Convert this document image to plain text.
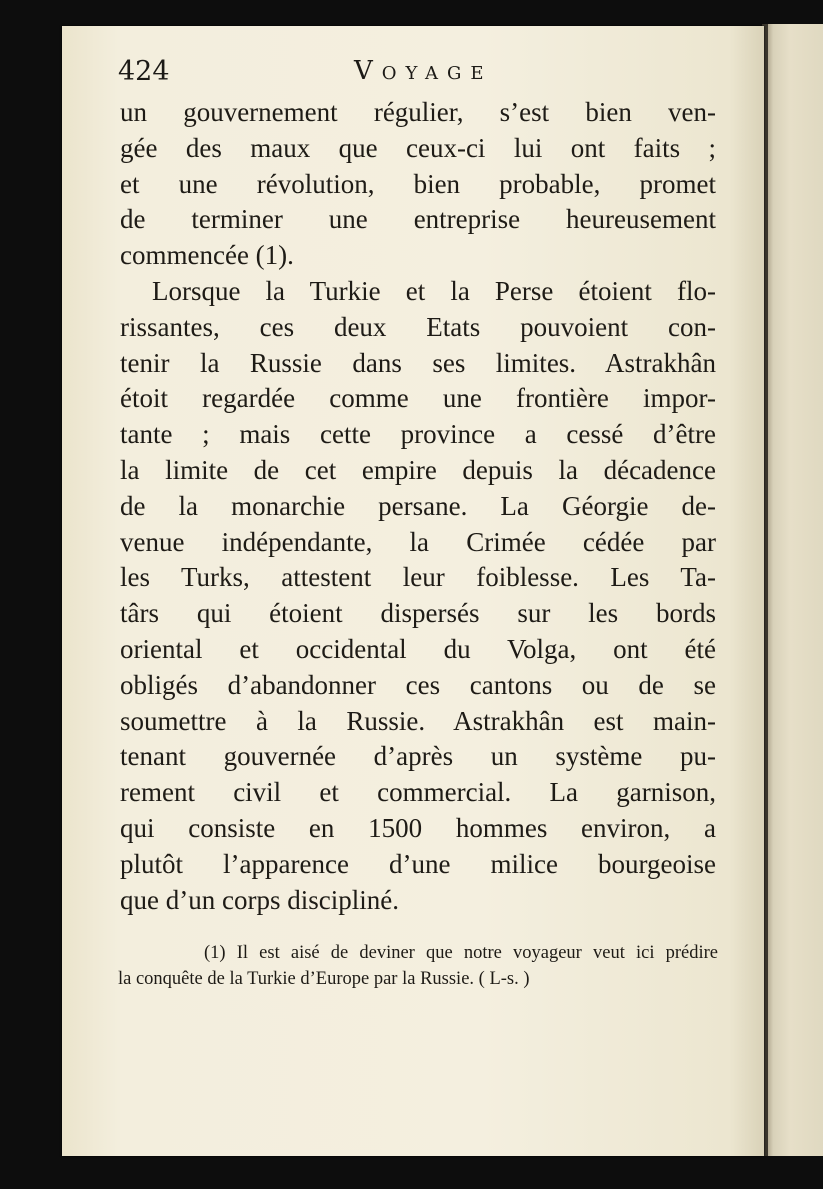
424	Voyage
un gouvernement régulier, s’est bien ven-
gée des maux que ceux-ci lui ont faits ;
et une révolution, bien probable, promet
de terminer une entreprise heureusement
commencée (1).
Lorsque la Turkie et la Perse étoient flo-
rissantes, ces deux Etats pouvoient con-
tenir la Russie dans ses limites. Astrakhân
étoit regardée comme une frontière impor-
tante ; mais cette province a cessé d’être
la limite de cet empire depuis la décadence
de la monarchie persane. La Géorgie de-
venue indépendante, la Crimée cédée par
les Turks, attestent leur foiblesse. Les Ta-
târs qui étoient dispersés sur les bords
oriental et occidental du Volga, ont été
obligés d’abandonner ces cantons ou de se
soumettre à la Russie. Astrakhân est main-
tenant gouvernée d’après un système pu-
rement civil et commercial. La garnison,
qui consiste en 1500 hommes environ, a
plutôt l’apparence d’une milice bourgeoise
que d’un corps discipliné.
(1) Il est aisé de deviner que notre voyageur veut ici prédire
la conquête de la Turkie d’Europe par la Russie. ( L-s. )
